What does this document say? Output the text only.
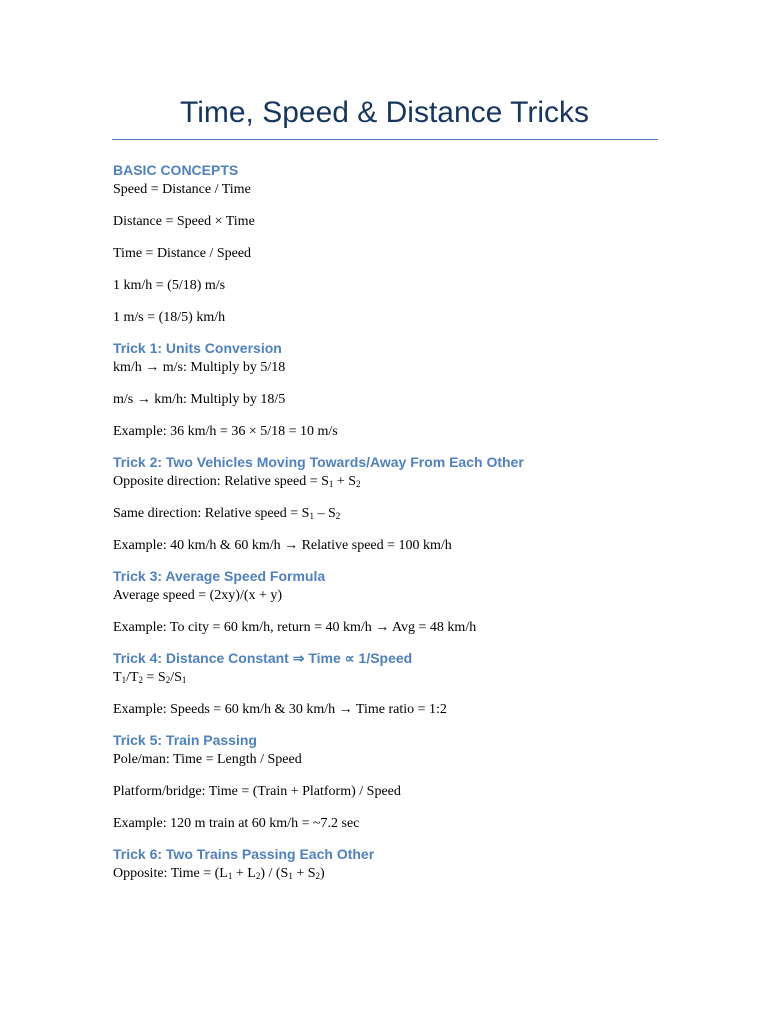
Time, Speed & Distance Tricks
BASIC CONCEPTS
Speed = Distance / Time
Distance = Speed × Time
Time = Distance / Speed
1 km/h = (5/18) m/s
1 m/s = (18/5) km/h
Trick 1: Units Conversion
km/h → m/s: Multiply by 5/18
m/s → km/h: Multiply by 18/5
Example: 36 km/h = 36 × 5/18 = 10 m/s
Trick 2: Two Vehicles Moving Towards/Away From Each Other
Opposite direction: Relative speed = $S_1 + S_2$
Same direction: Relative speed = $S_1 - S_2$
Example: 40 km/h & 60 km/h → Relative speed = 100 km/h
Trick 3: Average Speed Formula
Average speed = (2xy)/(x + y)
Example: To city = 60 km/h, return = 40 km/h → Avg = 48 km/h
Trick 4: Distance Constant ⇒ Time ∝ 1/Speed
$T_1/T_2 = S_2/S_1$
Example: Speeds = 60 km/h & 30 km/h → Time ratio = 1:2
Trick 5: Train Passing
Pole/man: Time = Length / Speed
Platform/bridge: Time = (Train + Platform) / Speed
Example: 120 m train at 60 km/h = ~7.2 sec
Trick 6: Two Trains Passing Each Other
Opposite: Time = $(L_1 + L_2) / (S_1 + S_2)$
